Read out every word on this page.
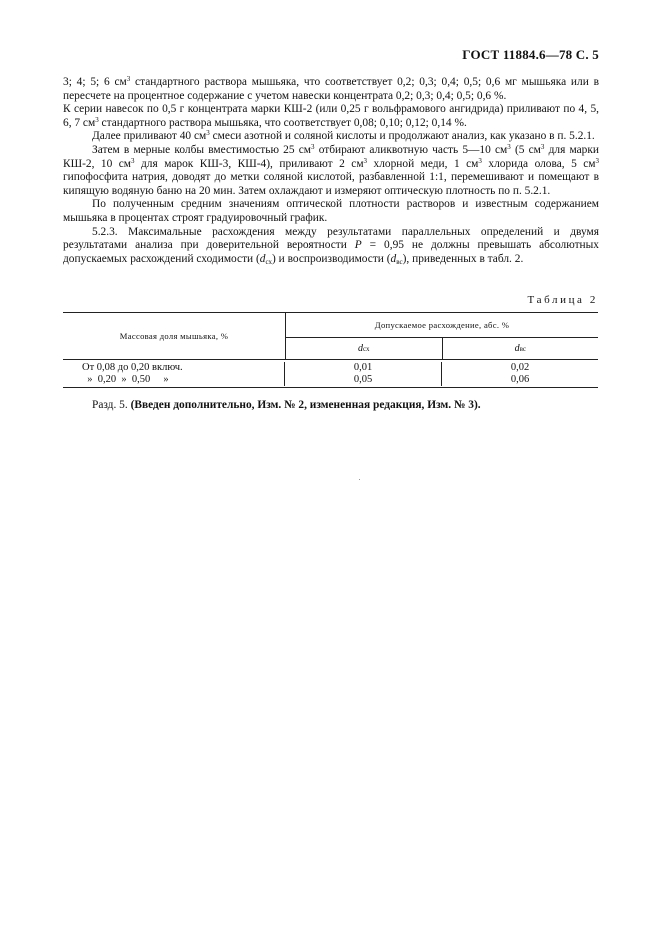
ГОСТ 11884.6—78 С. 5

3; 4; 5; 6 $см^3$ стандартного раствора мышьяка, что соответствует 0,2; 0,3; 0,4; 0,5; 0,6 мг мышьяка или в пересчете на процентное содержание с учетом навески концентрата 0,2; 0,3; 0,4; 0,5; 0,6 %.

К серии навесок по 0,5 г концентрата марки КШ-2 (или 0,25 г вольфрамового ангидрида) приливают по 4, 5, 6, 7 $см^3$ стандартного раствора мышьяка, что соответствует 0,08; 0,10; 0,12; 0,14 %.

Далее приливают 40 $см^3$ смеси азотной и соляной кислоты и продолжают анализ, как указано в п. 5.2.1.

Затем в мерные колбы вместимостью 25 $см^3$ отбирают аликвотную часть 5—10 $см^3$ (5 $см^3$ для марки КШ-2, 10 $см^3$ для марок КШ-3, КШ-4), приливают 2 $см^3$ хлорной меди, 1 $см^3$ хлорида олова, 5 $см^3$ гипофосфита натрия, доводят до метки соляной кислотой, разбавленной 1:1, перемешивают и помещают в кипящую водяную баню на 20 мин. Затем охлаждают и измеряют оптическую плотность по п. 5.2.1.

По полученным средним значениям оптической плотности растворов и известным содержанием мышьяка в процентах строят градуировочный график.

5.2.3. Максимальные расхождения между результатами параллельных определений и двумя результатами анализа при доверительной вероятности P = 0,95 не должны превышать абсолютных допускаемых расхождений сходимости $(d_{сх})$ и воспроизводимости $(d_{вс})$, приведенных в табл. 2.

Таблица 2
Массовая доля мышьяка, %
Допускаемое расхождение, абс. %
d сх	d вс
От 0,08 до 0,20 включ.	0,01	0,02
»  0,20  »  0,50     »	0,05	0,06
Разд. 5. (Введен дополнительно, Изм. № 2, измененная редакция, Изм. № 3).
